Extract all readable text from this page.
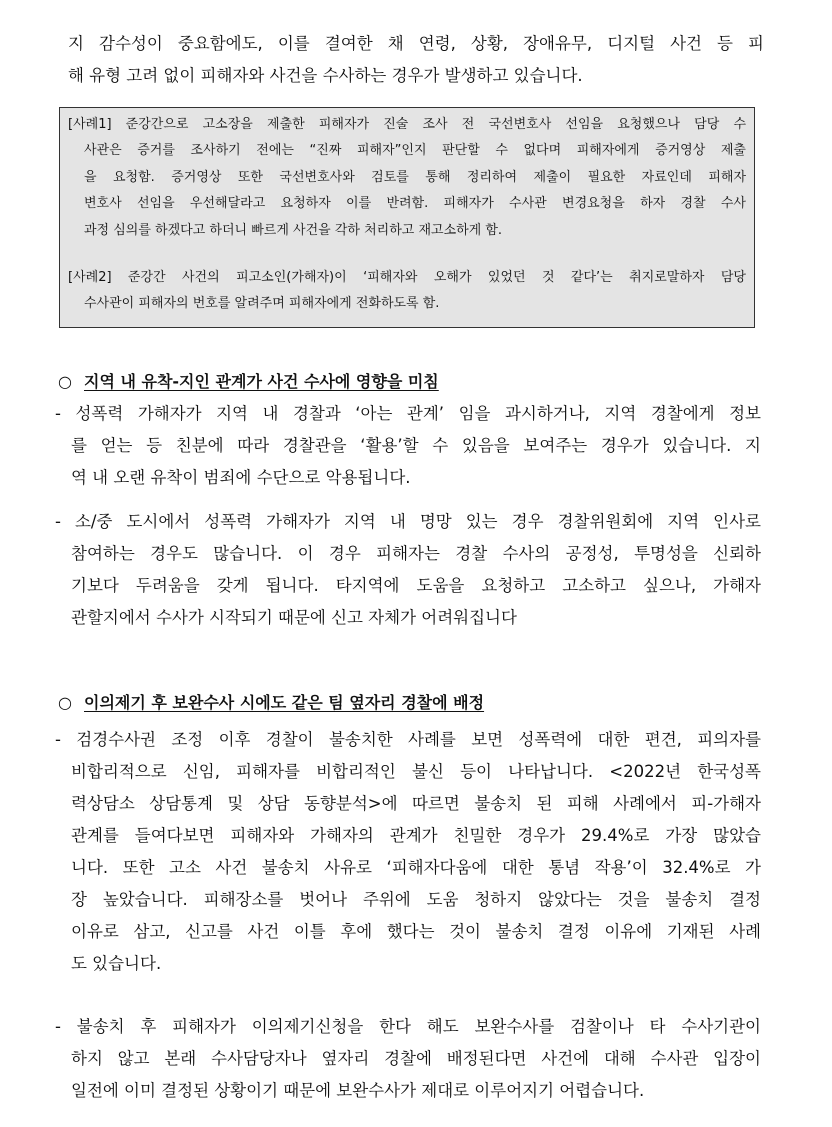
지 감수성이 중요함에도, 이를 결여한 채 연령, 상황, 장애유무, 디지털 사건 등 피
해 유형 고려 없이 피해자와 사건을 수사하는 경우가 발생하고 있습니다.

[사례1] 준강간으로 고소장을 제출한 피해자가 진술 조사 전 국선변호사 선임을 요청했으나 담당 수
사관은 증거를 조사하기 전에는 “진짜 피해자”인지 판단할 수 없다며 피해자에게 증거영상 제출
을 요청함. 증거영상 또한 국선변호사와 검토를 통해 정리하여 제출이 필요한 자료인데 피해자
변호사 선임을 우선해달라고 요청하자 이를 반려함. 피해자가 수사관 변경요청을 하자 경찰 수사
과정 심의를 하겠다고 하더니 빠르게 사건을 각하 처리하고 재고소하게 함.

[사례2] 준강간 사건의 피고소인(가해자)이 ‘피해자와 오해가 있었던 것 같다’는 취지로말하자 담당
수사관이 피해자의 번호를 알려주며 피해자에게 전화하도록 함.

○ 지역 내 유착-지인 관계가 사건 수사에 영향을 미침
- 성폭력 가해자가 지역 내 경찰과 ‘아는 관계’ 임을 과시하거나, 지역 경찰에게 정보
를 얻는 등 친분에 따라 경찰관을 ‘활용’할 수 있음을 보여주는 경우가 있습니다. 지
역 내 오랜 유착이 범죄에 수단으로 악용됩니다.
- 소/중 도시에서 성폭력 가해자가 지역 내 명망 있는 경우 경찰위원회에 지역 인사로
참여하는 경우도 많습니다. 이 경우 피해자는 경찰 수사의 공정성, 투명성을 신뢰하
기보다 두려움을 갖게 됩니다. 타지역에 도움을 요청하고 고소하고 싶으나, 가해자
관할지에서 수사가 시작되기 때문에 신고 자체가 어려워집니다
○ 이의제기 후 보완수사 시에도 같은 팀 옆자리 경찰에 배정
- 검경수사권 조정 이후 경찰이 불송치한 사례를 보면 성폭력에 대한 편견, 피의자를
비합리적으로 신임, 피해자를 비합리적인 불신 등이 나타납니다. <2022년 한국성폭
력상담소 상담통계 및 상담 동향분석>에 따르면 불송치 된 피해 사례에서 피-가해자
관계를 들여다보면 피해자와 가해자의 관계가 친밀한 경우가 29.4%로 가장 많았습
니다. 또한 고소 사건 불송치 사유로 ‘피해자다움에 대한 통념 작용’이 32.4%로 가
장 높았습니다. 피해장소를 벗어나 주위에 도움 청하지 않았다는 것을 불송치 결정
이유로 삼고, 신고를 사건 이틀 후에 했다는 것이 불송치 결정 이유에 기재된 사례
도 있습니다.
- 불송치 후 피해자가 이의제기신청을 한다 해도 보완수사를 검찰이나 타 수사기관이
하지 않고 본래 수사담당자나 옆자리 경찰에 배정된다면 사건에 대해 수사관 입장이
일전에 이미 결정된 상황이기 때문에 보완수사가 제대로 이루어지기 어렵습니다.
